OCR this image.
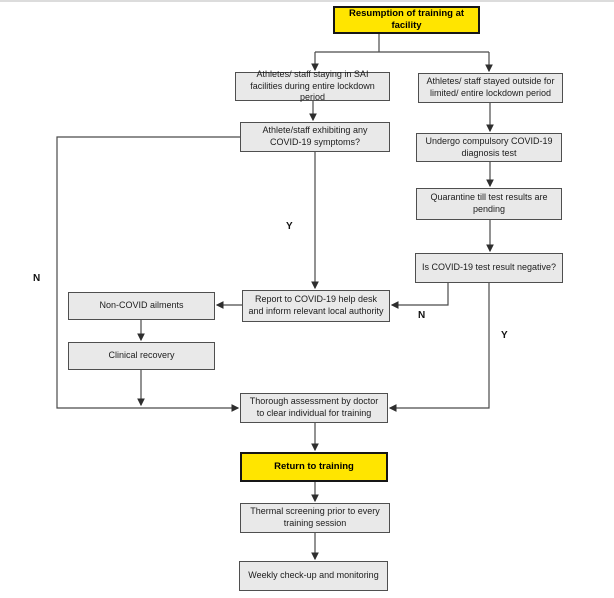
Resumption of training at facility
Athletes/ staff staying in SAI facilities during entire lockdown period
Athletes/ staff stayed outside for limited/ entire lockdown period
Athlete/staff exhibiting any COVID-19 symptoms?	Undergo compulsory COVID-19 diagnosis test
Quarantine till test results are pending
Is COVID-19 test result negative?
Report to COVID-19 help desk and inform relevant local authority
Non-COVID ailments
Clinical recovery
Thorough assessment by doctor to clear individual for training
Return to training
Thermal screening prior to every training session
Weekly check-up and monitoring
Y
N
N
Y
